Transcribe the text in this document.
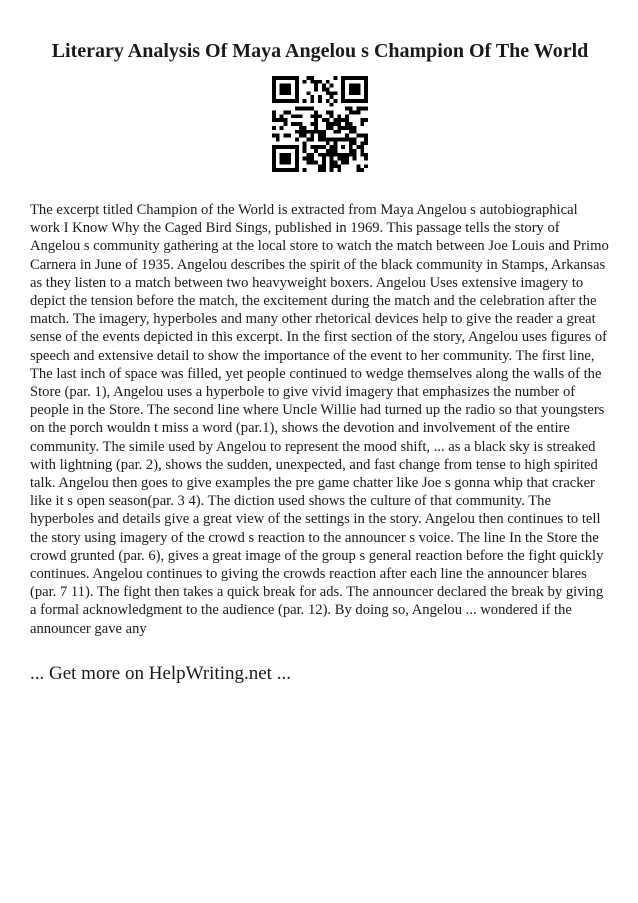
Literary Analysis Of Maya Angelou s Champion Of The World

The excerpt titled Champion of the World is extracted from Maya Angelou s autobiographical work I Know Why the Caged Bird Sings, published in 1969. This passage tells the story of Angelou s community gathering at the local store to watch the match between Joe Louis and Primo Carnera in June of 1935. Angelou describes the spirit of the black community in Stamps, Arkansas as they listen to a match between two heavyweight boxers. Angelou Uses extensive imagery to depict the tension before the match, the excitement during the match and the celebration after the match. The imagery, hyperboles and many other rhetorical devices help to give the reader a great sense of the events depicted in this excerpt. In the first section of the story, Angelou uses figures of speech and extensive detail to show the importance of the event to her community. The first line, The last inch of space was filled, yet people continued to wedge themselves along the walls of the Store (par. 1), Angelou uses a hyperbole to give vivid imagery that emphasizes the number of people in the Store. The second line where Uncle Willie had turned up the radio so that youngsters on the porch wouldn t miss a word (par.1), shows the devotion and involvement of the entire community. The simile used by Angelou to represent the mood shift, ... as a black sky is streaked with lightning (par. 2), shows the sudden, unexpected, and fast change from tense to high spirited talk. Angelou then goes to give examples the pre game chatter like Joe s gonna whip that cracker like it s open season(par. 3 4). The diction used shows the culture of that community. The hyperboles and details give a great view of the settings in the story. Angelou then continues to tell the story using imagery of the crowd s reaction to the announcer s voice. The line In the Store the crowd grunted (par. 6), gives a great image of the group s general reaction before the fight quickly continues. Angelou continues to giving the crowds reaction after each line the announcer blares (par. 7 11). The fight then takes a quick break for ads. The announcer declared the break by giving a formal acknowledgment to the audience (par. 12). By doing so, Angelou ... wondered if the announcer gave any

... Get more on HelpWriting.net ...
